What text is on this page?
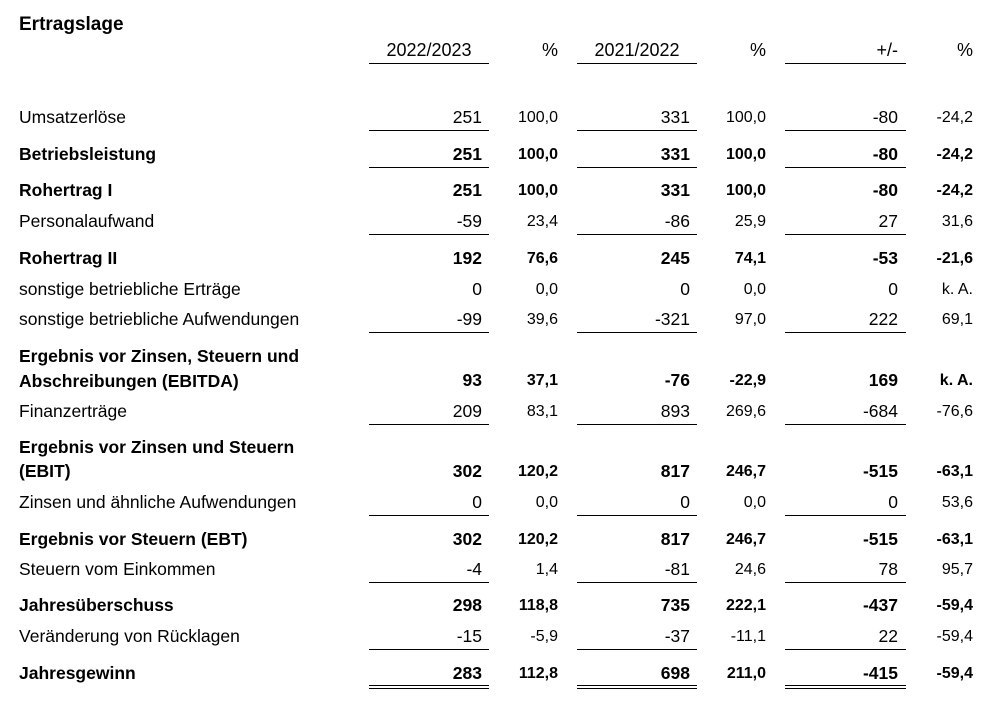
Ertragslage
2022/2023	%	2021/2022	%	+/-	%
Umsatzerlöse	251	100,0	331	100,0	-80	-24,2
Betriebsleistung	251	100,0	331	100,0	-80	-24,2
Rohertrag I	251	100,0	331	100,0	-80	-24,2
Personalaufwand	-59	23,4	-86	25,9	27	31,6
Rohertrag II	192	76,6	245	74,1	-53	-21,6
sonstige betriebliche Erträge	0	0,0	0	0,0	0	k. A.
sonstige betriebliche Aufwendungen	-99	39,6	-321	97,0	222	69,1
Ergebnis vor Zinsen, Steuern und
Abschreibungen (EBITDA)	93	37,1	-76	-22,9	169	k. A.
Finanzerträge	209	83,1	893	269,6	-684	-76,6
Ergebnis vor Zinsen und Steuern
(EBIT)	302	120,2	817	246,7	-515	-63,1
Zinsen und ähnliche Aufwendungen	0	0,0	0	0,0	0	53,6
Ergebnis vor Steuern (EBT)	302	120,2	817	246,7	-515	-63,1
Steuern vom Einkommen	-4	1,4	-81	24,6	78	95,7
Jahresüberschuss	298	118,8	735	222,1	-437	-59,4
Veränderung von Rücklagen	-15	-5,9	-37	-11,1	22	-59,4
Jahresgewinn	283	112,8	698	211,0	-415	-59,4
